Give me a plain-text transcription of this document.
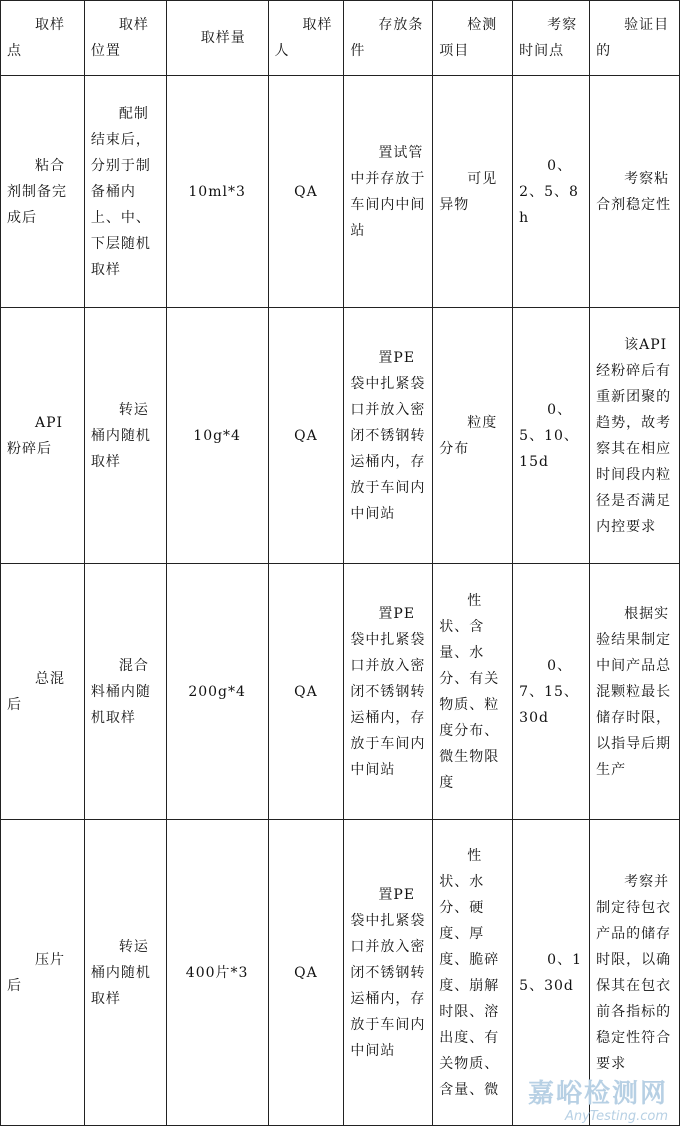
取样点	取样位置	取样量	取样人	存放条件	检测项目	考察时间点	验证目的
粘合剂制备完成后	配制结束后，分别于制备桶内上、中、下层随机取样	10ml*3	QA	置试管中并存放于车间内中间站	可见异物	0、2、5、8h	考察粘合剂稳定性
API粉碎后	转运桶内随机取样	10g*4	QA	置PE袋中扎紧袋口并放入密闭不锈钢转运桶内，存放于车间内中间站	粒度分布	0、5、10、15d	该API经粉碎后有重新团聚的趋势，故考察其在相应时间段内粒径是否满足内控要求
总混后	混合料桶内随机取样	200g*4	QA	置PE袋中扎紧袋口并放入密闭不锈钢转运桶内，存放于车间内中间站	性状、含量、水分、有关物质、粒度分布、微生物限度	0、7、15、30d	根据实验结果制定中间产品总混颗粒最长储存时限，以指导后期生产
压片后	转运桶内随机取样	400片*3	QA	置PE袋中扎紧袋口并放入密闭不锈钢转运桶内，存放于车间内中间站	性状、水分、硬度、厚度、脆碎度、崩解时限、溶出度、有关物质、含量、微	0、15、30d	考察并制定待包衣产品的储存时限，以确保其在包衣前各指标的稳定性符合要求
嘉峪检测网
AnyTesting.com
